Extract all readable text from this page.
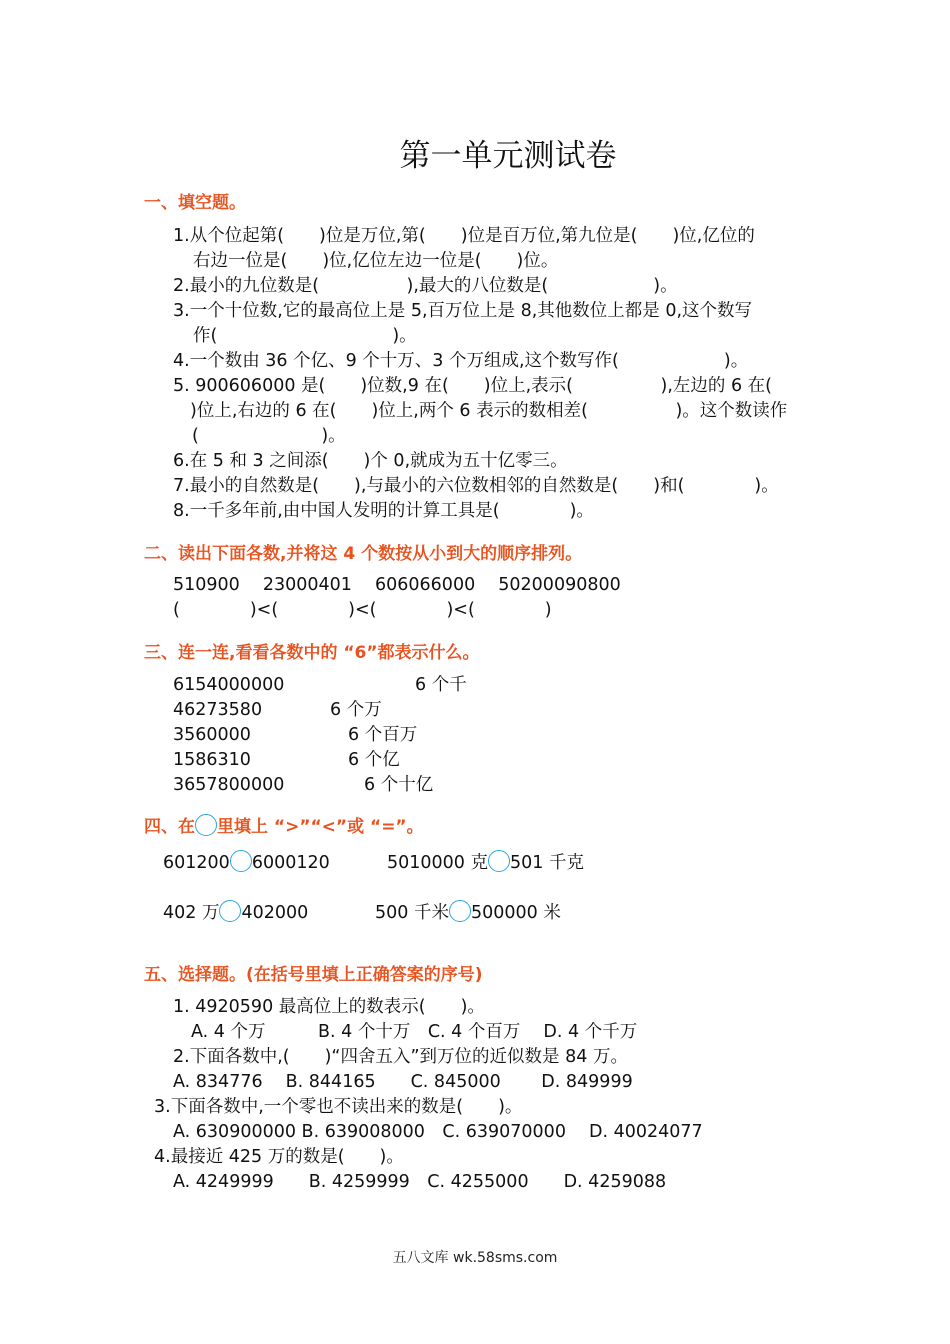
第一单元测试卷
一、填空题。
1.从个位起第(　　)位是万位,第(　　)位是百万位,第九位是(　　)位,亿位的
右边一位是(　　)位,亿位左边一位是(　　)位。
2.最小的九位数是(　　　　　),最大的八位数是(　　　　　　)。
3.一个十位数,它的最高位上是 5,百万位上是 8,其他数位上都是 0,这个数写
作(　　　　　　　　　　)。
4.一个数由 36 个亿、9 个十万、3 个万组成,这个数写作(　　　　　　)。
5. 900606000 是(　　)位数,9 在(　　)位上,表示(　　　　　),左边的 6 在(
)位上,右边的 6 在(　　)位上,两个 6 表示的数相差(　　　　　)。这个数读作
(　　　　　　　)。
6.在 5 和 3 之间添(　　)个 0,就成为五十亿零三。
7.最小的自然数是(　　),与最小的六位数相邻的自然数是(　　)和(　　　　)。
8.一千多年前,由中国人发明的计算工具是(　　　　)。
二、读出下面各数,并将这 4 个数按从小到大的顺序排列。
510900　 23000401　 606066000　 50200090800
(　　　　)<(　　　　)<(　　　　)<(　　　　)
三、连一连,看看各数中的 “6”都表示什么。
6154000000
46273580
3560000
1586310
3657800000
6 个千
6 个万
6 个百万
6 个亿
6 个十亿
四、在 里填上 “>”“<”或 “=”。
601200 6000120	5010000 克 501 千克
402 万 402000	500 千米 500000 米
五、选择题。(在括号里填上正确答案的序号)
1. 4920590 最高位上的数表示(　　)。
A. 4 个万　　　B. 4 个十万　C. 4 个百万　 D. 4 个千万
2.下面各数中,(　　)“四舍五入”到万位的近似数是 84 万。
A. 834776　 B. 844165　　C. 845000　　 D. 849999
3.下面各数中,一个零也不读出来的数是(　　)。
A. 630900000 B. 639008000　C. 639070000　 D. 40024077
4.最接近 425 万的数是(　　)。
A. 4249999　　B. 4259999　C. 4255000　　D. 4259088
五八文库 wk.58sms.com
